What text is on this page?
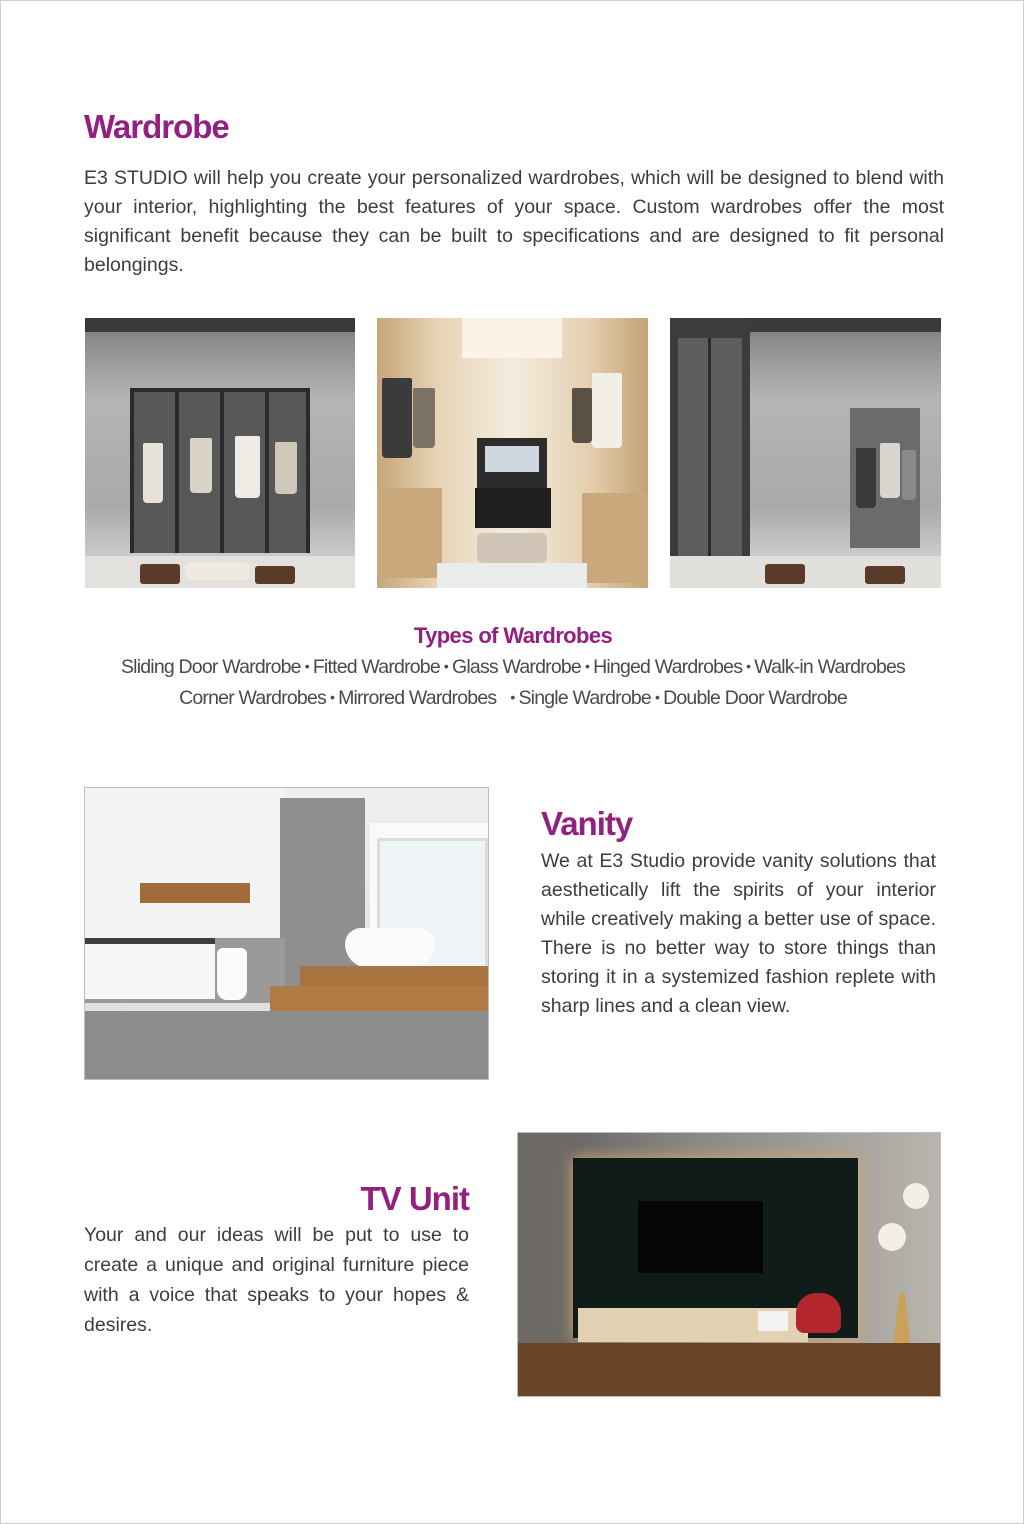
Wardrobe

E3 STUDIO will help you create your personalized wardrobes, which will be designed to blend with your interior, highlighting the best features of your space. Custom wardrobes offer the most significant benefit because they can be built to specifications and are designed to fit personal belongings.

Types of Wardrobes

Sliding Door Wardrobe • Fitted Wardrobe • Glass Wardrobe • Hinged Wardrobes • Walk-in Wardrobes

Corner Wardrobes • Mirrored Wardrobes • Single Wardrobe • Double Door Wardrobe

Vanity

We at E3 Studio provide vanity solutions that aesthetically lift the spirits of your interior while creatively making a better use of space. There is no better way to store things than storing it in a systemized fashion replete with sharp lines and a clean view.

TV Unit

Your and our ideas will be put to use to create a unique and original furniture piece with a voice that speaks to your hopes & desires.
